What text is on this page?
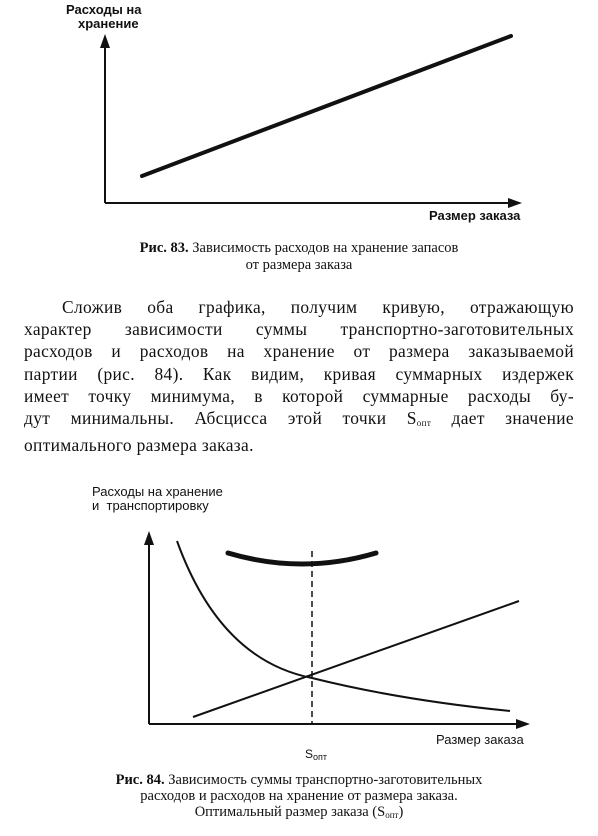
Расходы на
хранение

Размер заказа

Рис. 83. Зависимость расходов на хранение запасов
от размера заказа

Сложив оба графика, получим кривую, отражающую
характер зависимости суммы транспортно-заготовительных
расходов и расходов на хранение от размера заказываемой
партии (рис. 84). Как видим, кривая суммарных издержек
имеет точку минимума, в которой суммарные расходы бу-
дут минимальны. Абсцисса этой точки $S_{опт}$ дает значение
оптимального размера заказа.

Расходы на хранение
и  транспортировку

Размер заказа

$S_{опт}$

Рис. 84. Зависимость суммы транспортно-заготовительных
расходов и расходов на хранение от размера заказа.
Оптимальный размер заказа $(S_{опт})$
